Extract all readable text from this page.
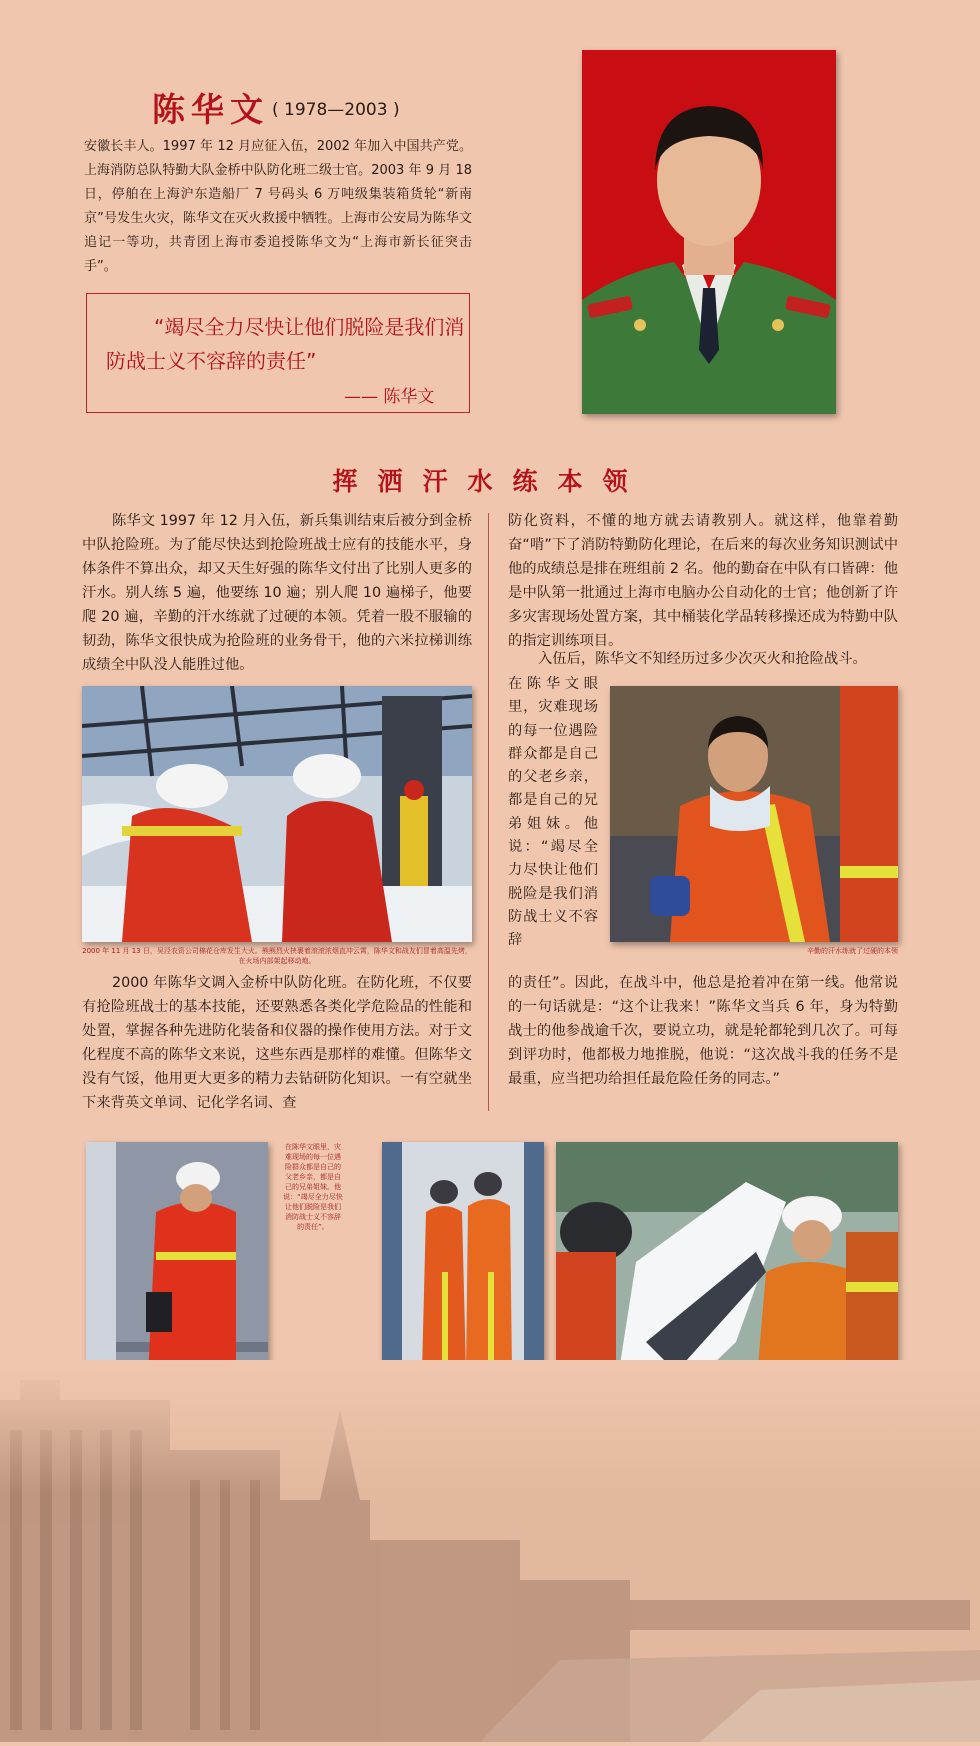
陈华文 ( 1978—2003 )
安徽长丰人。1997 年 12 月应征入伍，2002 年加入中国共产党。上海消防总队特勤大队金桥中队防化班二级士官。2003 年 9 月 18 日，停舶在上海沪东造船厂 7 号码头 6 万吨级集装箱货轮“新南京”号发生火灾，陈华文在灭火救援中牺牲。上海市公安局为陈华文追记一等功，共青团上海市委追授陈华文为“上海市新长征突击手”。
“竭尽全力尽快让他们脱险是我们消防战士义不容辞的责任”
—— 陈华文
挥洒汗水练本领
陈华文 1997 年 12 月入伍，新兵集训结束后被分到金桥中队抢险班。为了能尽快达到抢险班战士应有的技能水平，身体条件不算出众，却又天生好强的陈华文付出了比别人更多的汗水。别人练 5 遍，他要练 10 遍；别人爬 10 遍梯子，他要爬 20 遍，辛勤的汗水练就了过硬的本领。凭着一股不服输的韧劲，陈华文很快成为抢险班的业务骨干，他的六米拉梯训练成绩全中队没人能胜过他。
2000 年 11 月 13 日，吴泾农资公司棉花仓库发生大火。熊熊烈火挟裹着滚滚浓烟直冲云霄，陈华文和战友们冒着高温先烤，在火场内部架起移动炮。
2000 年陈华文调入金桥中队防化班。在防化班，不仅要有抢险班战士的基本技能，还要熟悉各类化学危险品的性能和处置，掌握各种先进防化装备和仪器的操作使用方法。对于文化程度不高的陈华文来说，这些东西是那样的难懂。但陈华文没有气馁，他用更大更多的精力去钻研防化知识。一有空就坐下来背英文单词、记化学名词、查
防化资料，不懂的地方就去请教别人。就这样，他靠着勤奋“啃”下了消防特勤防化理论，在后来的每次业务知识测试中他的成绩总是排在班组前 2 名。他的勤奋在中队有口皆碑：他是中队第一批通过上海市电脑办公自动化的士官；他创新了许多灾害现场处置方案，其中桶装化学品转移操还成为特勤中队的指定训练项目。
入伍后，陈华文不知经历过多少次灭火和抢险战斗。
在陈华文眼里，灾难现场的每一位遇险群众都是自己的父老乡亲，都是自己的兄弟姐妹。他说：“竭尽全力尽快让他们脱险是我们消防战士义不容辞
辛勤的汗水练就了过硬的本领
的责任”。因此，在战斗中，他总是抢着冲在第一线。他常说的一句话就是：“这个让我来！”陈华文当兵 6 年，身为特勤战士的他参战逾千次，要说立功，就是轮都轮到几次了。可每到评功时，他都极力地推脱，他说：“这次战斗我的任务不是最重，应当把功给担任最危险任务的同志。”
在陈华文眼里，灾难现场的每一位遇险群众都是自己的父老乡亲，都是自己的兄弟姐妹。他说：“竭尽全力尽快让他们脱险是我们消防战士义不容辞的责任”。
